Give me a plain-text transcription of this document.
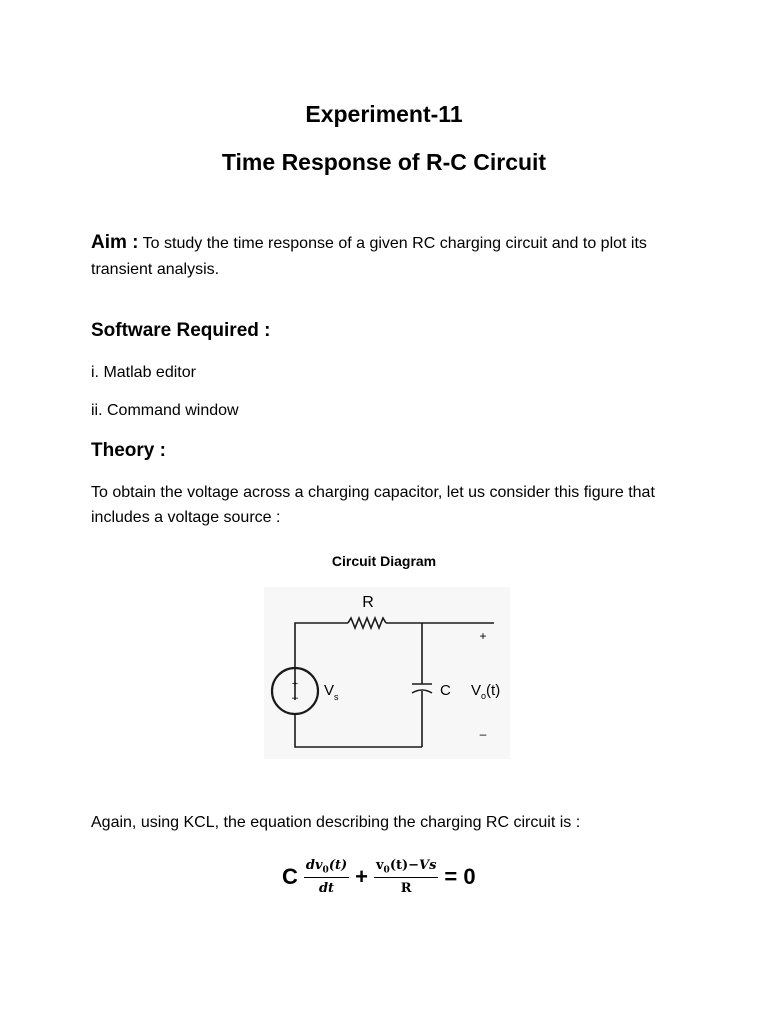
Experiment-11
Time Response of R-C Circuit
Aim : To study the time response of a given RC charging circuit and to plot its transient analysis.
Software Required :
i. Matlab editor
ii. Command window
Theory :
To obtain the voltage across a charging capacitor, let us consider this figure that includes a voltage source :
Circuit Diagram
+
–
R
$V_s$	C $V_o(t)$
+
–
Again, using KCL, the equation describing the charging RC circuit is :
C $\frac{dv_0(t)}{dt} + \frac{v_0(t)-Vs}{R} = 0$
